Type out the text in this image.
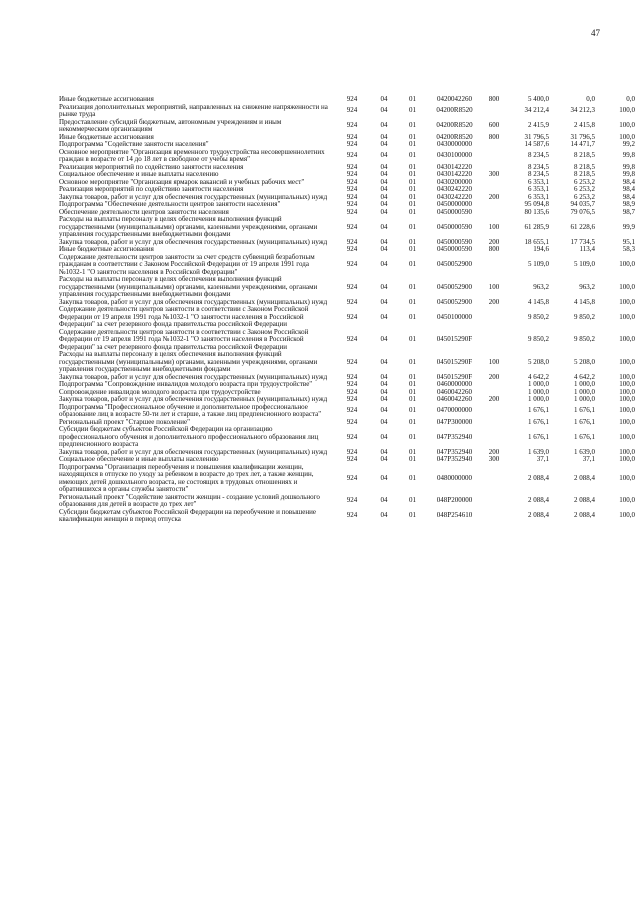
47
Иные бюджетные ассигнования	924	04	01	0420042260	800	5 400,0	0,0	0,0
Реализация дополнительных мероприятий, направленных на снижение напряженности на рынке труда	924	04	01	04200R8520		34 212,4	34 212,3	100,0
Предоставление субсидий бюджетным, автономным учреждениям и иным некоммерческим организациям	924	04	01	04200R8520	600	2 415,9	2 415,8	100,0
Иные бюджетные ассигнования	924	04	01	04200R8520	800	31 796,5	31 796,5	100,0
Подпрограмма "Содействие занятости населения"	924	04	01	0430000000		14 587,6	14 471,7	99,2
Основное мероприятие "Организация временного трудоустройства несовершеннолетних граждан в возрасте от 14 до 18 лет в свободное от учебы время"	924	04	01	0430100000		8 234,5	8 218,5	99,8
Реализация мероприятий по содействию занятости населения	924	04	01	0430142220		8 234,5	8 218,5	99,8
Социальное обеспечение и иные выплаты населению	924	04	01	0430142220	300	8 234,5	8 218,5	99,8
Основное мероприятие "Организация ярмарок вакансий и учебных рабочих мест"	924	04	01	0430200000		6 353,1	6 253,2	98,4
Реализация мероприятий по содействию занятости населения	924	04	01	0430242220		6 353,1	6 253,2	98,4
Закупка товаров, работ и услуг для обеспечения государственных (муниципальных) нужд	924	04	01	0430242220	200	6 353,1	6 253,2	98,4
Подпрограмма "Обеспечение деятельности центров занятости населения"	924	04	01	0450000000		95 094,8	94 035,7	98,9
Обеспечение деятельности центров занятости населения	924	04	01	0450000590		80 135,6	79 076,5	98,7
Расходы на выплаты персоналу в целях обеспечения выполнения функций государственными (муниципальными) органами, казенными учреждениями, органами управления государственными внебюджетными фондами	924	04	01	0450000590	100	61 285,9	61 228,6	99,9
Закупка товаров, работ и услуг для обеспечения государственных (муниципальных) нужд	924	04	01	0450000590	200	18 655,1	17 734,5	95,1
Иные бюджетные ассигнования	924	04	01	0450000590	800	194,6	113,4	58,3
Содержание деятельности центров занятости за счет средств субвенций безработным гражданам в соответствии с Законом Российской Федерации от 19 апреля 1991 года №1032-1 "О занятости населения в Российской Федерации"	924	04	01	0450052900		5 109,0	5 109,0	100,0
Расходы на выплаты персоналу в целях обеспечения выполнения функций государственными (муниципальными) органами, казенными учреждениями, органами управления государственными внебюджетными фондами	924	04	01	0450052900	100	963,2	963,2	100,0
Закупка товаров, работ и услуг для обеспечения государственных (муниципальных) нужд	924	04	01	0450052900	200	4 145,8	4 145,8	100,0
Содержание деятельности центров занятости в соответствии с Законом Российской Федерации от 19 апреля 1991 года №1032-1 "О занятости населения в Российской Федерации" за счет резервного фонда правительства российской Федерации	924	04	01	0450100000		9 850,2	9 850,2	100,0
Содержание деятельности центров занятости в соответствии с Законом Российской Федерации от 19 апреля 1991 года №1032-1 "О занятости населения в Российской Федерации" за счет резервного фонда правительства российской Федерации	924	04	01	045015290F		9 850,2	9 850,2	100,0
Расходы на выплаты персоналу в целях обеспечения выполнения функций государственными (муниципальными) органами, казенными учреждениями, органами управления государственными внебюджетными фондами	924	04	01	045015290F	100	5 208,0	5 208,0	100,0
Закупка товаров, работ и услуг для обеспечения государственных (муниципальных) нужд	924	04	01	045015290F	200	4 642,2	4 642,2	100,0
Подпрограмма "Сопровождение инвалидов молодого возраста при трудоустройстве"	924	04	01	0460000000		1 000,0	1 000,0	100,0
Сопровождение инвалидов молодого возраста при трудоустройстве	924	04	01	0460042260		1 000,0	1 000,0	100,0
Закупка товаров, работ и услуг для обеспечения государственных (муниципальных) нужд	924	04	01	0460042260	200	1 000,0	1 000,0	100,0
Подпрограмма "Профессиональное обучение и дополнительное профессиональное образование лиц в возрасте 50-ти лет и старше, а также лиц предпенсионного возраста"	924	04	01	0470000000		1 676,1	1 676,1	100,0
Региональный проект "Старшее поколение"	924	04	01	047P300000		1 676,1	1 676,1	100,0
Субсидии бюджетам субъектов Российской Федерации на организацию профессионального обучения и дополнительного профессионального образования лиц предпенсионного возраста	924	04	01	047P352940		1 676,1	1 676,1	100,0
Закупка товаров, работ и услуг для обеспечения государственных (муниципальных) нужд	924	04	01	047P352940	200	1 639,0	1 639,0	100,0
Социальное обеспечение и иные выплаты населению	924	04	01	047P352940	300	37,1	37,1	100,0
Подпрограмма "Организация переобучения и повышения квалификации женщин, находящихся в отпуске по уходу за ребенком в возрасте до трех лет, а также женщин, имеющих детей дошкольного возраста, не состоящих в трудовых отношениях и обратившихся в органы службы занятости"	924	04	01	0480000000		2 088,4	2 088,4	100,0
Региональный проект "Содействие занятости женщин - создание условий дошкольного образования для детей в возрасте до трех лет"	924	04	01	048P200000		2 088,4	2 088,4	100,0
Субсидии бюджетам субъектов Российской Федерации на переобучение и повышение квалификации женщин в период отпуска	924	04	01	048P254610		2 088,4	2 088,4	100,0
